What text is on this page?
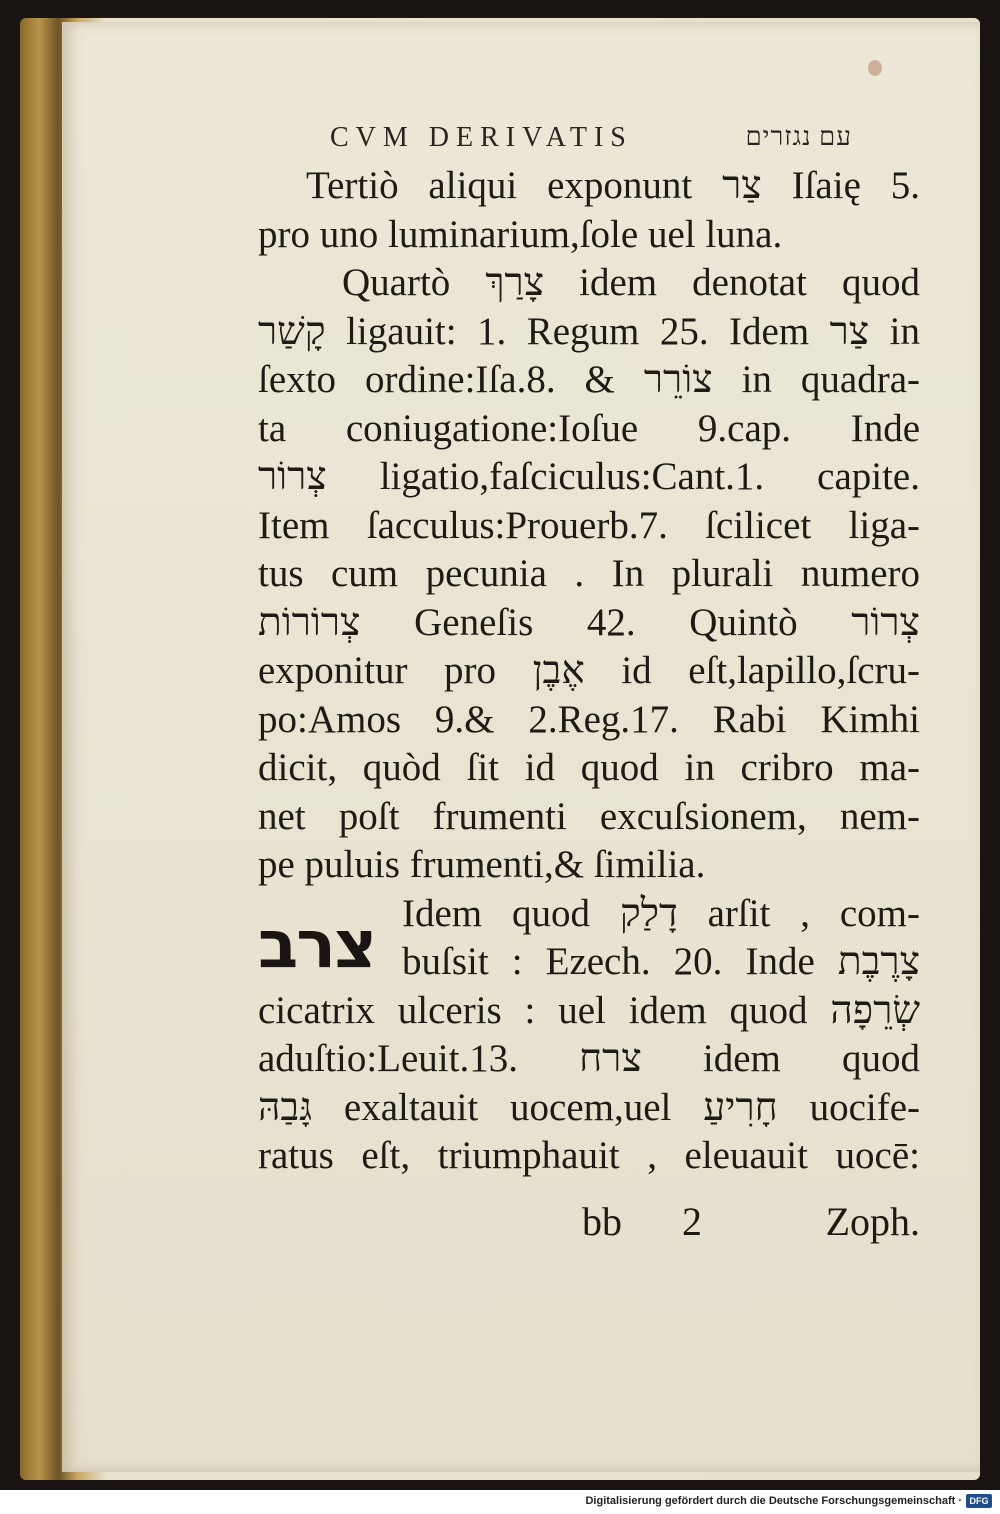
CVM DERIVATIS	עם נגזרים
צרב
Tertiò aliqui exponunt צַר Iſaię 5.
pro uno luminarium,ſole uel luna.
Quartò צָרַךְ idem denotat quod
קָשַׁר ligauit: 1. Regum 25. Idem צַר in
ſexto ordine:Iſa.8. & צוֹרֵר in quadra-
ta coniugatione:Ioſue 9.cap. Inde
צְרוֹר ligatio,faſciculus:Cant.1. capite.
Item ſacculus:Prouerb.7. ſcilicet liga-
tus cum pecunia . In plurali numero
צְרוֹרוֹת Geneſis 42. Quintò צְרוֹר
exponitur pro אֶבֶן id eſt,lapillo,ſcru-
po:Amos 9.& 2.Reg.17. Rabi Kimhi
dicit, quòd ſit id quod in cribro ma-
net poſt frumenti excuſsionem, nem-
pe puluis frumenti,& ſimilia.
Idem quod דָלַק arſit , com-
buſsit : Ezech. 20. Inde צָרֶבֶת
cicatrix ulceris : uel idem quod שְׂרֵפָה
aduſtio:Leuit.13. צרח idem quod
גָּבַהּ exaltauit uocem,uel חָרִיעַ uocife-
ratus eſt, triumphauit , eleuauit uocē:
bb 2	Zoph.
Digitalisierung gefördert durch die Deutsche Forschungsgemeinschaft · DFG
